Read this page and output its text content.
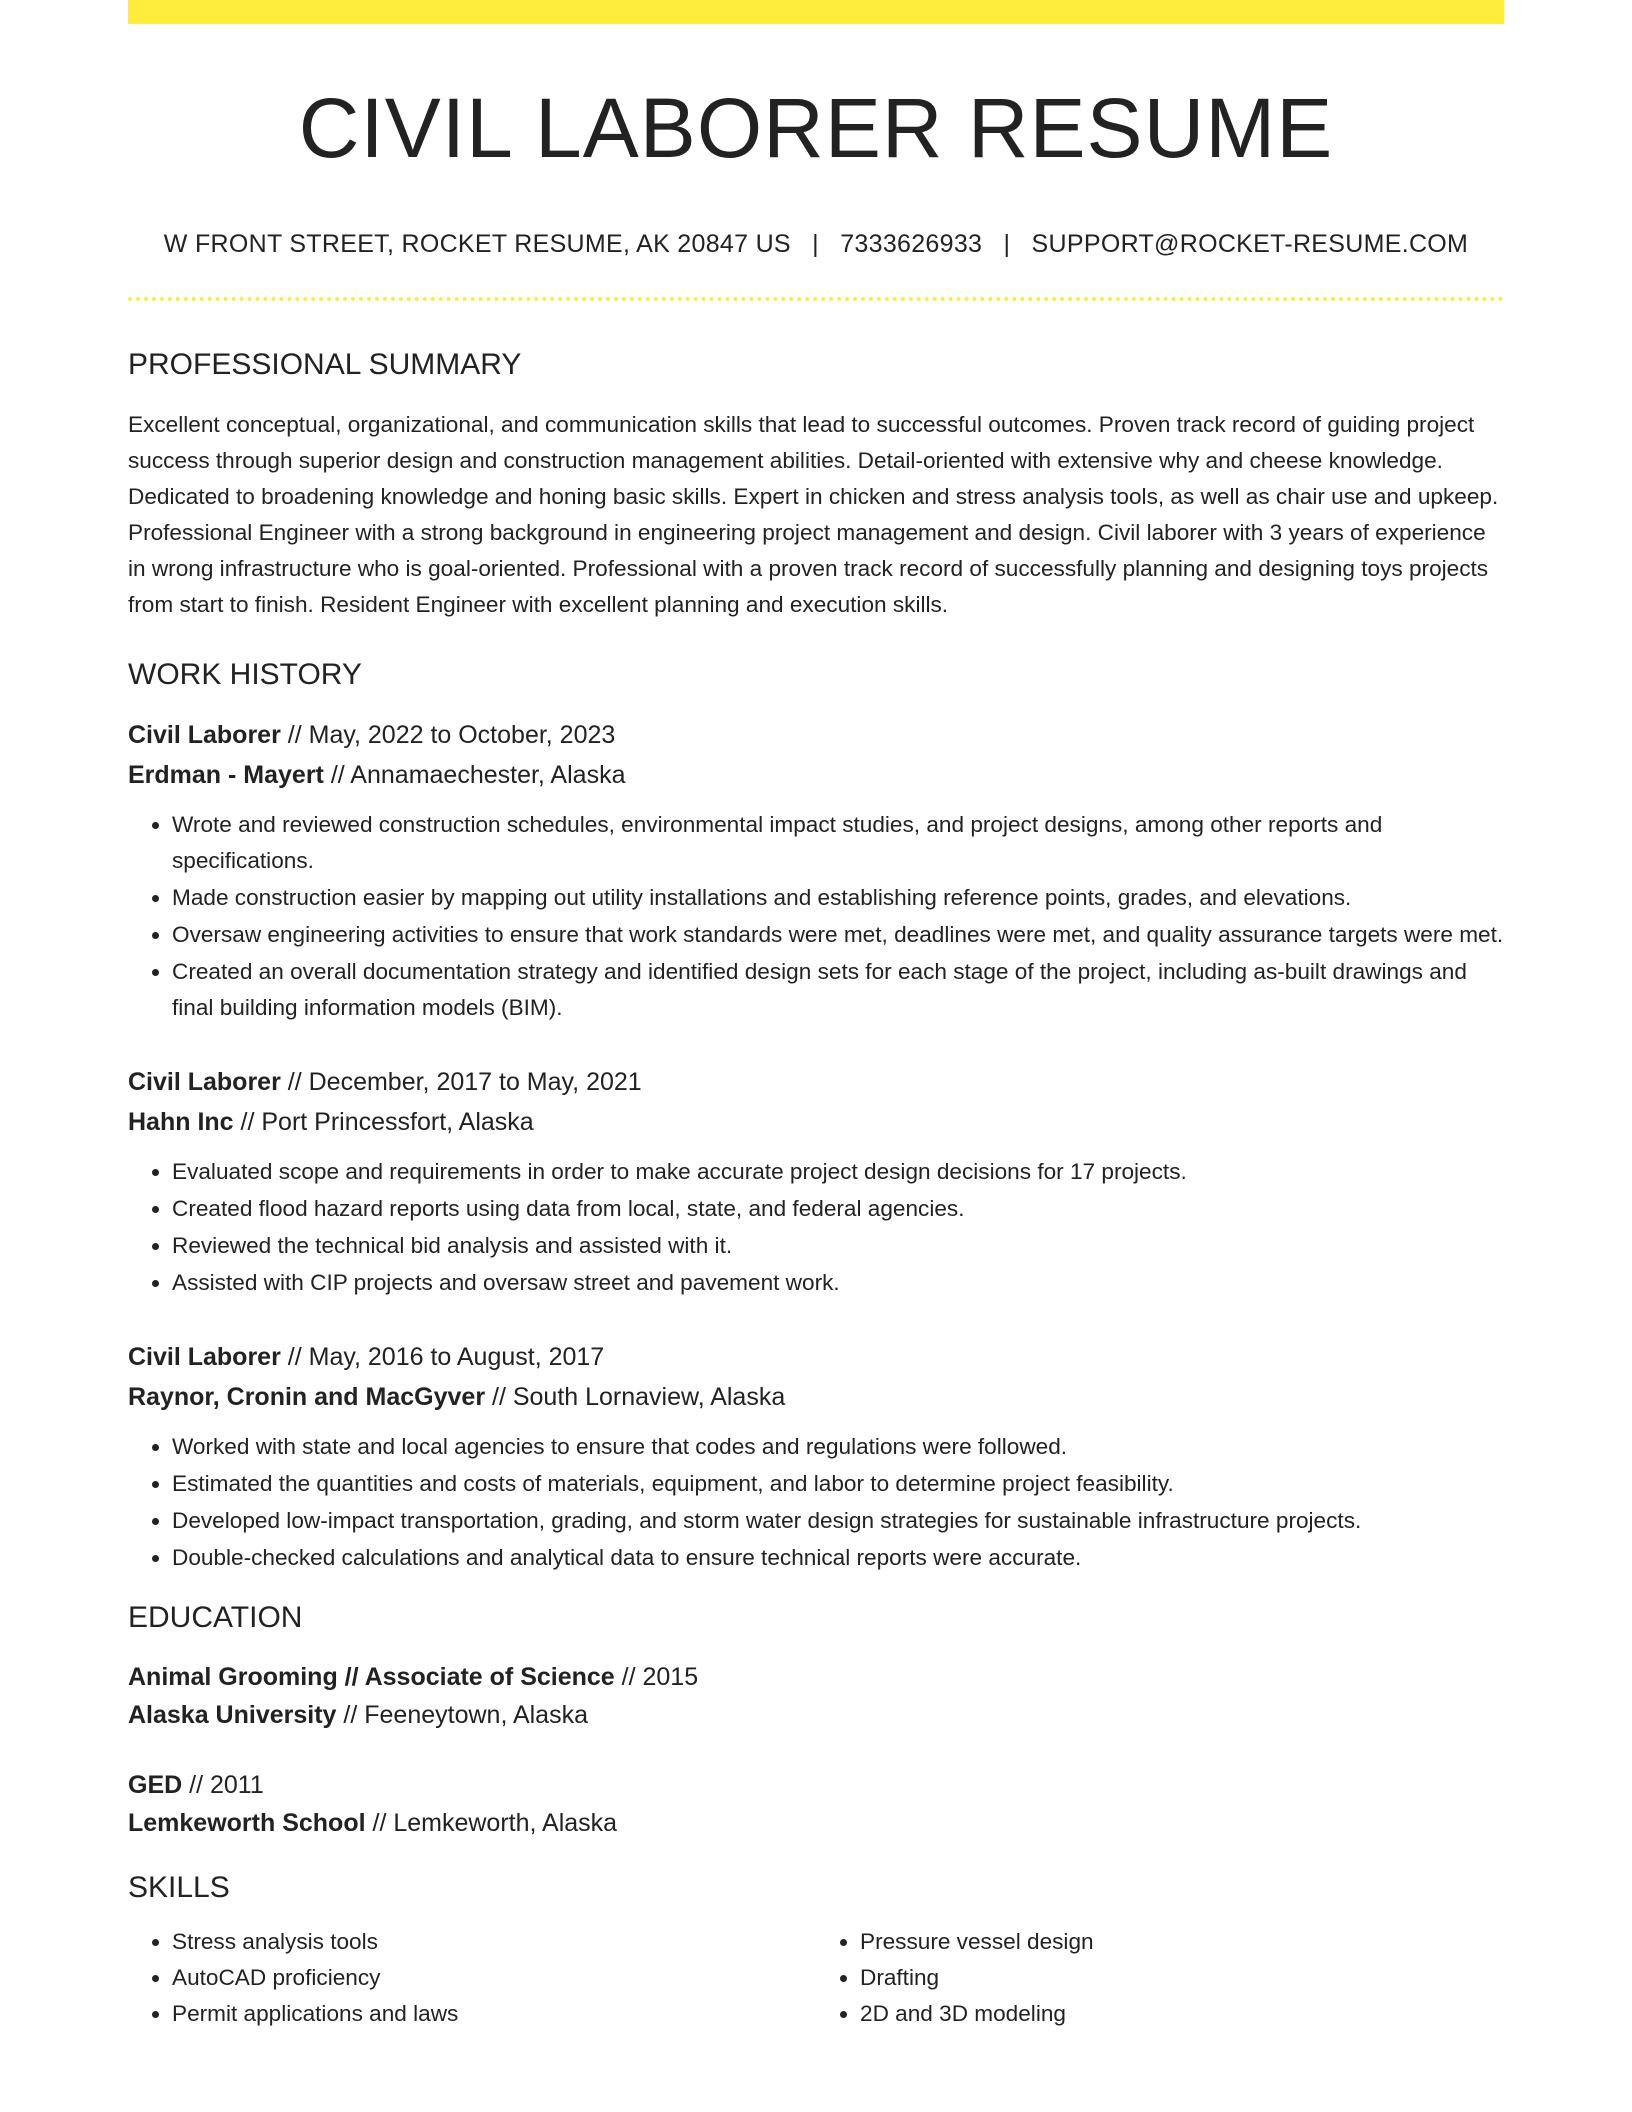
CIVIL LABORER RESUME
W FRONT STREET, ROCKET RESUME, AK 20847 US | 7333626933 | SUPPORT@ROCKET-RESUME.COM
PROFESSIONAL SUMMARY

Excellent conceptual, organizational, and communication skills that lead to successful outcomes. Proven track record of guiding project success through superior design and construction management abilities. Detail-oriented with extensive why and cheese knowledge. Dedicated to broadening knowledge and honing basic skills. Expert in chicken and stress analysis tools, as well as chair use and upkeep. Professional Engineer with a strong background in engineering project management and design. Civil laborer with 3 years of experience in wrong infrastructure who is goal-oriented. Professional with a proven track record of successfully planning and designing toys projects from start to finish. Resident Engineer with excellent planning and execution skills.

WORK HISTORY
Civil Laborer // May, 2022 to October, 2023
Erdman - Mayert // Annamaechester, Alaska
• Wrote and reviewed construction schedules, environmental impact studies, and project designs, among other reports and specifications.
• Made construction easier by mapping out utility installations and establishing reference points, grades, and elevations.
• Oversaw engineering activities to ensure that work standards were met, deadlines were met, and quality assurance targets were met.
• Created an overall documentation strategy and identified design sets for each stage of the project, including as-built drawings and final building information models (BIM).
Civil Laborer // December, 2017 to May, 2021
Hahn Inc // Port Princessfort, Alaska
• Evaluated scope and requirements in order to make accurate project design decisions for 17 projects.
• Created flood hazard reports using data from local, state, and federal agencies.
• Reviewed the technical bid analysis and assisted with it.
• Assisted with CIP projects and oversaw street and pavement work.
Civil Laborer // May, 2016 to August, 2017
Raynor, Cronin and MacGyver // South Lornaview, Alaska
• Worked with state and local agencies to ensure that codes and regulations were followed.
• Estimated the quantities and costs of materials, equipment, and labor to determine project feasibility.
• Developed low-impact transportation, grading, and storm water design strategies for sustainable infrastructure projects.
• Double-checked calculations and analytical data to ensure technical reports were accurate.
EDUCATION
Animal Grooming // Associate of Science // 2015
Alaska University // Feeneytown, Alaska
GED // 2011
Lemkeworth School // Lemkeworth, Alaska
SKILLS
• Stress analysis tools
• AutoCAD proficiency
• Permit applications and laws
• Pressure vessel design
• Drafting
• 2D and 3D modeling
